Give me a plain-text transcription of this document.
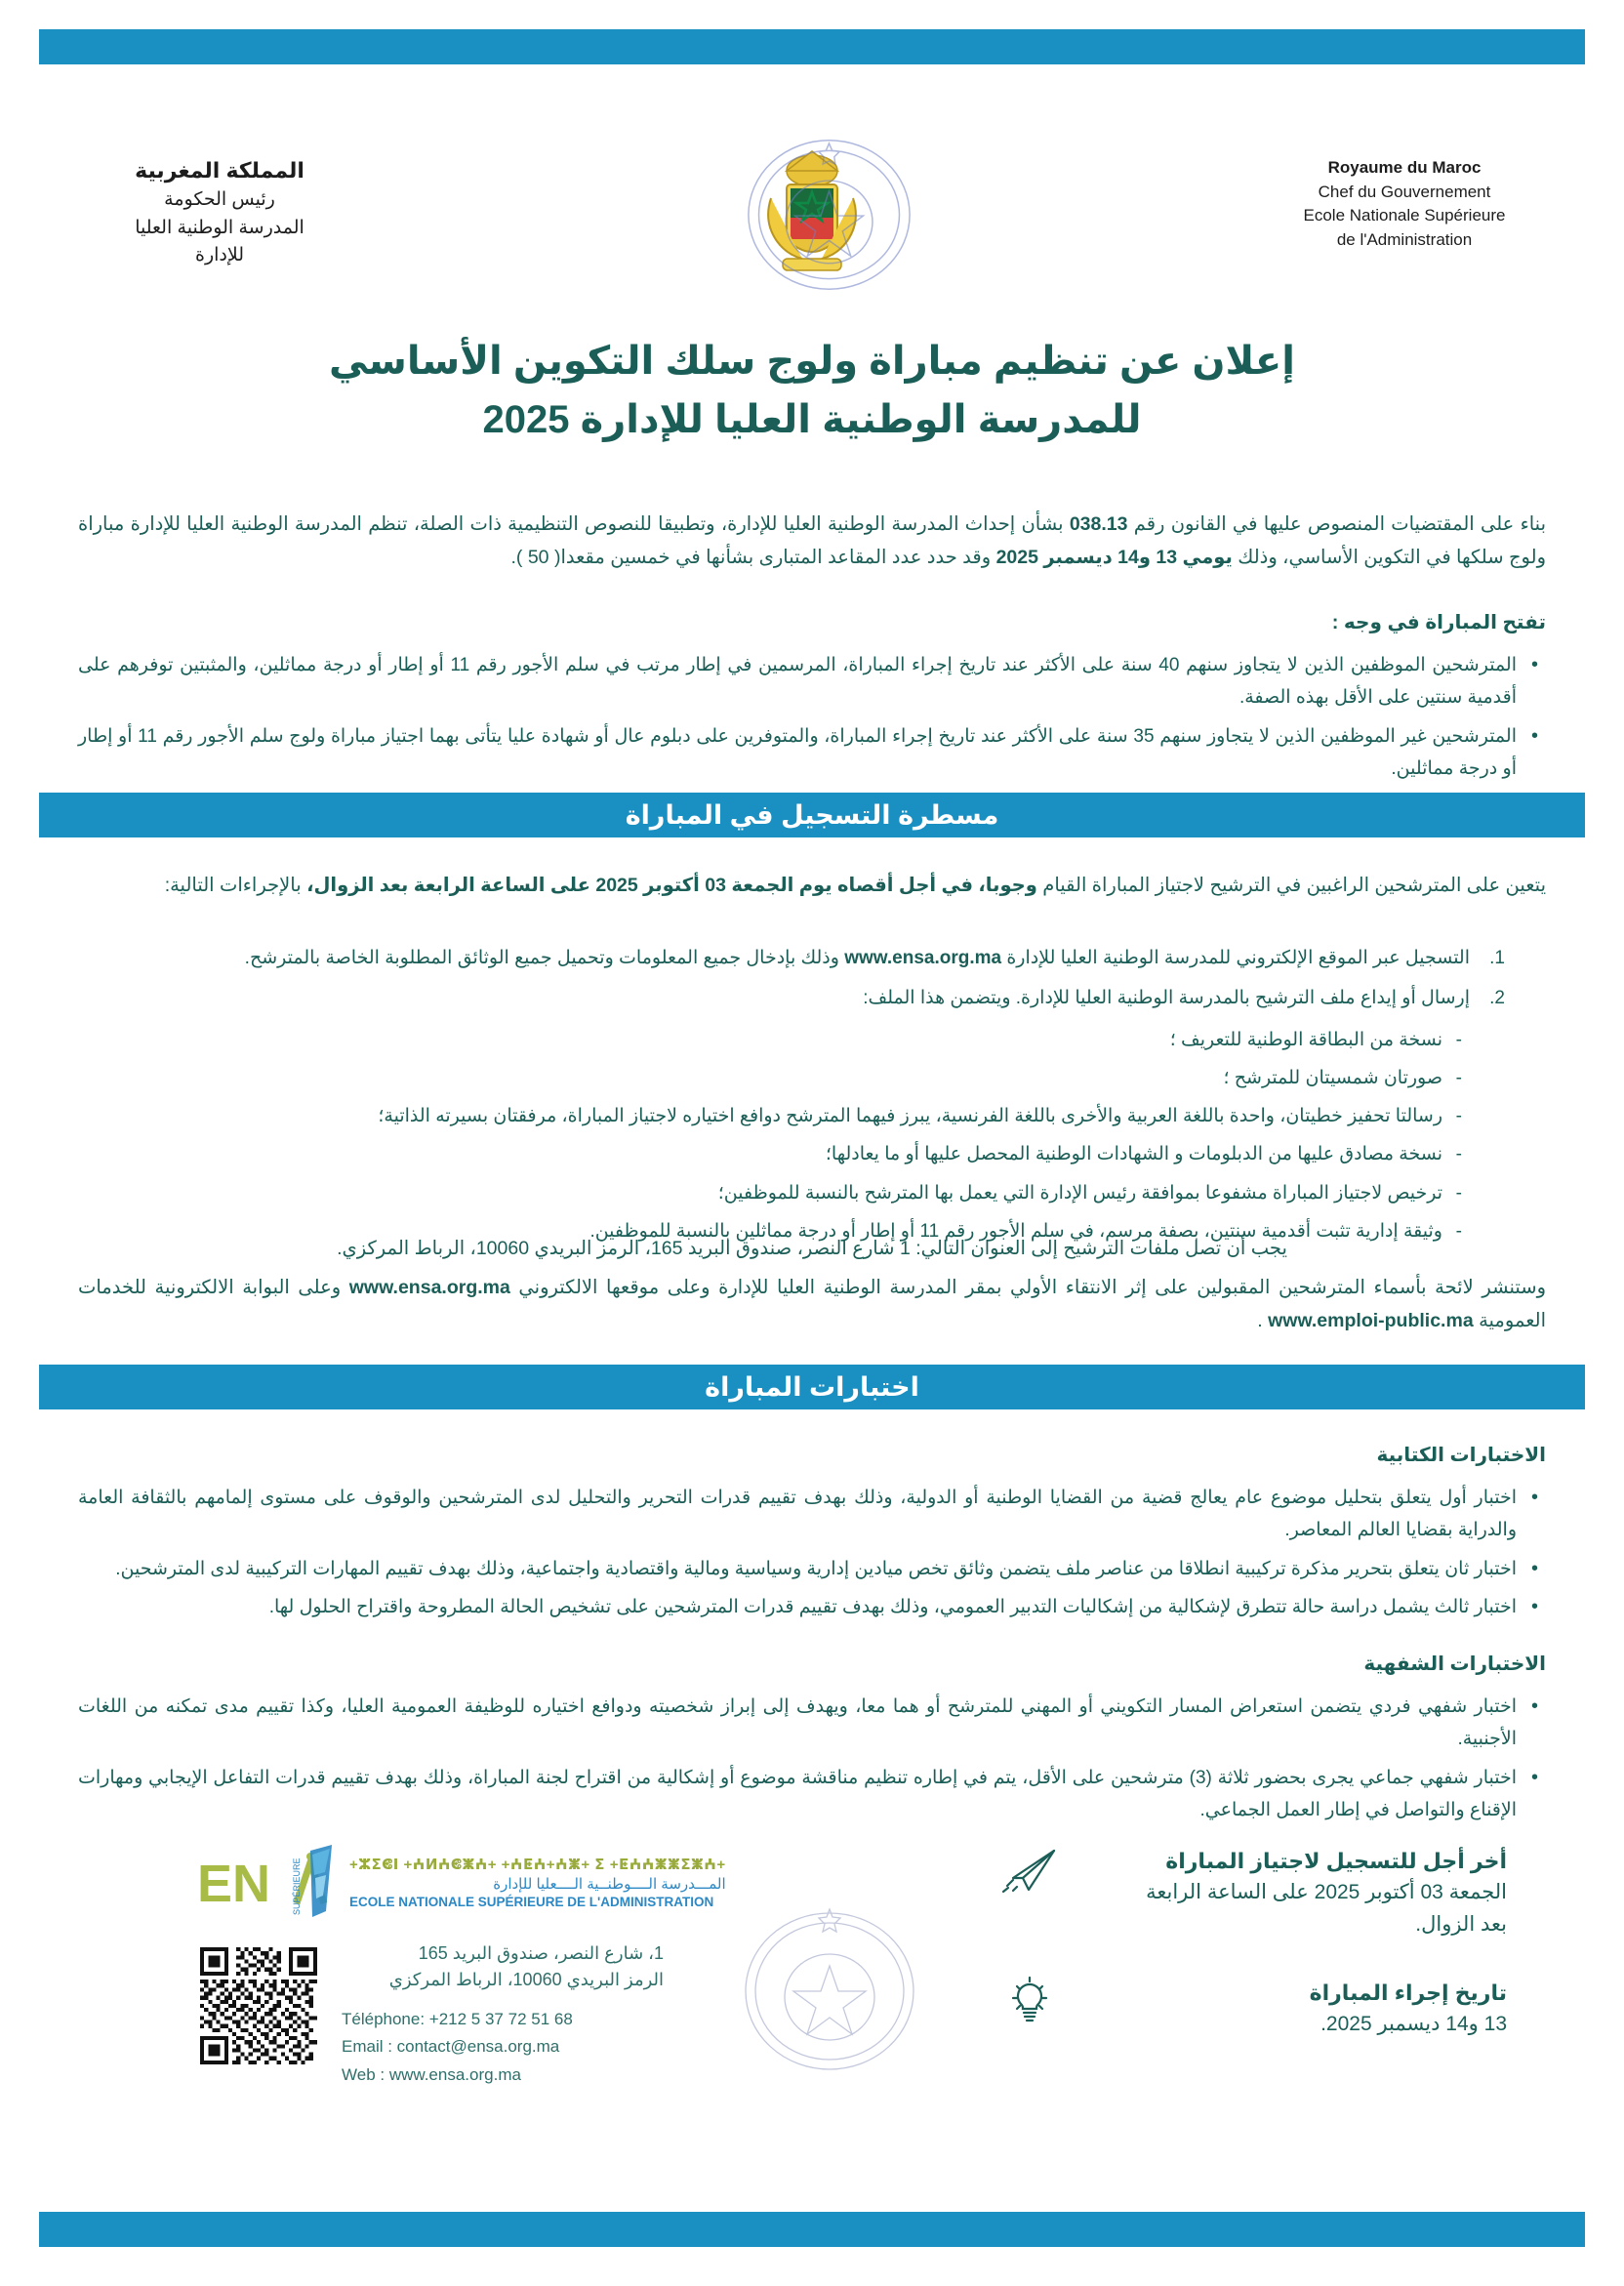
Royaume du Maroc
Chef du Gouvernement
Ecole Nationale Supérieure
de l'Administration
المملكة المغربية
رئيس الحكومة
المدرسة الوطنية العليا
للإدارة
إعلان عن تنظيم مباراة ولوج سلك التكوين الأساسي
للمدرسة الوطنية العليا للإدارة 2025
بناء على المقتضيات المنصوص عليها في القانون رقم 038.13 بشأن إحداث المدرسة الوطنية العليا للإدارة، وتطبيقا للنصوص التنظيمية ذات الصلة، تنظم المدرسة الوطنية العليا للإدارة مباراة ولوج سلكها في التكوين الأساسي، وذلك يومي 13 و14 ديسمبر 2025 وقد حدد عدد المقاعد المتبارى بشأنها في خمسين مقعدا( 50 ).
تفتح المباراة في وجه :
• المترشحين الموظفين الذين لا يتجاوز سنهم 40 سنة على الأكثر عند تاريخ إجراء المباراة، المرسمين في إطار مرتب في سلم الأجور رقم 11 أو إطار أو درجة مماثلين، والمثبتين توفرهم على أقدمية سنتين على الأقل بهذه الصفة.
• المترشحين غير الموظفين الذين لا يتجاوز سنهم 35 سنة على الأكثر عند تاريخ إجراء المباراة، والمتوفرين على دبلوم عال أو شهادة عليا يتأتى بهما اجتياز مباراة ولوج سلم الأجور رقم 11 أو إطار أو درجة مماثلين.
مسطرة التسجيل في المباراة
يتعين على المترشحين الراغبين في الترشيح لاجتياز المباراة القيام وجوبا، في أجل أقصاه يوم الجمعة 03 أكتوبر 2025 على الساعة الرابعة بعد الزوال، بالإجراءات التالية:
التسجيل عبر الموقع الإلكتروني للمدرسة الوطنية العليا للإدارة www.ensa.org.ma وذلك بإدخال جميع المعلومات وتحميل جميع الوثائق المطلوبة الخاصة بالمترشح.
إرسال أو إيداع ملف الترشيح بالمدرسة الوطنية العليا للإدارة. ويتضمن هذا الملف:
- نسخة من البطاقة الوطنية للتعريف ؛
- صورتان شمسيتان للمترشح ؛
- رسالتا تحفيز خطيتان، واحدة باللغة العربية والأخرى باللغة الفرنسية، يبرز فيهما المترشح دوافع اختياره لاجتياز المباراة، مرفقتان بسيرته الذاتية؛
- نسخة مصادق عليها من الدبلومات و الشهادات الوطنية المحصل عليها أو ما يعادلها؛
- ترخيص لاجتياز المباراة مشفوعا بموافقة رئيس الإدارة التي يعمل بها المترشح بالنسبة للموظفين؛
- وثيقة إدارية تثبت أقدمية سنتين، بصفة مرسم، في سلم الأجور رقم 11 أو إطار أو درجة مماثلين بالنسبة للموظفين.
يجب أن تصل ملفات الترشيح إلى العنوان التالي: 1 شارع النصر، صندوق البريد 165، الرمز البريدي 10060، الرباط المركزي.
وستنشر لائحة بأسماء المترشحين المقبولين على إثر الانتقاء الأولي بمقر المدرسة الوطنية العليا للإدارة وعلى موقعها الالكتروني www.ensa.org.ma وعلى البوابة الالكترونية للخدمات العمومية www.emploi-public.ma .
اختبارات المباراة
الاختبارات الكتابية
• اختبار أول يتعلق بتحليل موضوع عام يعالج قضية من القضايا الوطنية أو الدولية، وذلك بهدف تقييم قدرات التحرير والتحليل لدى المترشحين والوقوف على مستوى إلمامهم بالثقافة العامة والدراية بقضايا العالم المعاصر.
• اختبار ثان يتعلق بتحرير مذكرة تركيبية انطلاقا من عناصر ملف يتضمن وثائق تخص ميادين إدارية وسياسية ومالية واقتصادية واجتماعية، وذلك بهدف تقييم المهارات التركيبية لدى المترشحين.
• اختبار ثالث يشمل دراسة حالة تتطرق لإشكالية من إشكاليات التدبير العمومي، وذلك بهدف تقييم قدرات المترشحين على تشخيص الحالة المطروحة واقتراح الحلول لها.
الاختبارات الشفهية
• اختبار شفهي فردي يتضمن استعراض المسار التكويني أو المهني للمترشح أو هما معا، ويهدف إلى إبراز شخصيته ودوافع اختياره للوظيفة العمومية العليا، وكذا تقييم مدى تمكنه من اللغات الأجنبية.
• اختبار شفهي جماعي يجرى بحضور ثلاثة (3) مترشحين على الأقل، يتم في إطاره تنظيم مناقشة موضوع أو إشكالية من اقتراح لجنة المباراة، وذلك بهدف تقييم قدرات التفاعل الإيجابي ومهارات الإقناع والتواصل في إطار العمل الجماعي.
EN SUPÉRIEURE	+ⵣⵉⵞⵏ +ⵄⵍⵄⵞⵥⵄ+ +ⵄⵟⵄ+ⵄⵥ+ ⵉ +ⵟⵄⵄⵥⵥⵉⵥⵄ+
المـــدرسة الــــوطنــية الــــعليا للإدارة
ECOLE NATIONALE SUPÉRIEURE DE L'ADMINISTRATION
1، شارع النصر، صندوق البريد 165
الرمز البريدي 10060، الرباط المركزي
Téléphone: +212 5 37 72 51 68
Email : contact@ensa.org.ma
Web : www.ensa.org.ma
أخر أجل للتسجيل لاجتياز المباراة
الجمعة 03 أكتوبر 2025 على الساعة الرابعة
بعد الزوال.
تاريخ إجراء المباراة
13 و14 ديسمبر 2025.
